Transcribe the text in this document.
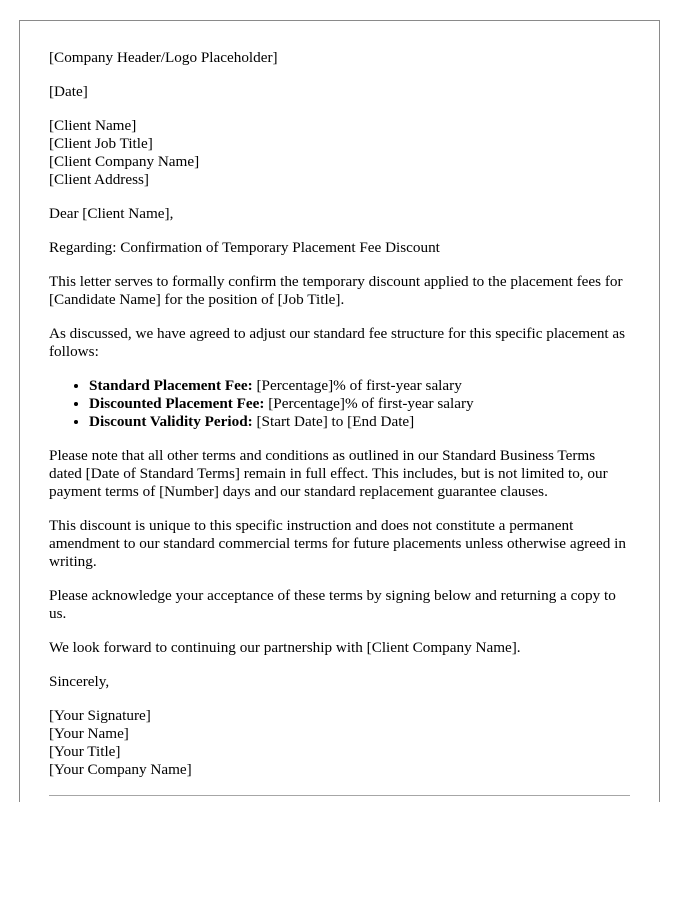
[Company Header/Logo Placeholder]

[Date]

[Client Name]
[Client Job Title]
[Client Company Name]
[Client Address]

Dear [Client Name],

Regarding: Confirmation of Temporary Placement Fee Discount

This letter serves to formally confirm the temporary discount applied to the placement fees for [Candidate Name] for the position of [Job Title].

As discussed, we have agreed to adjust our standard fee structure for this specific placement as follows:

• Standard Placement Fee: [Percentage]% of first-year salary
• Discounted Placement Fee: [Percentage]% of first-year salary
• Discount Validity Period: [Start Date] to [End Date]

Please note that all other terms and conditions as outlined in our Standard Business Terms dated [Date of Standard Terms] remain in full effect. This includes, but is not limited to, our payment terms of [Number] days and our standard replacement guarantee clauses.

This discount is unique to this specific instruction and does not constitute a permanent amendment to our standard commercial terms for future placements unless otherwise agreed in writing.

Please acknowledge your acceptance of these terms by signing below and returning a copy to us.

We look forward to continuing our partnership with [Client Company Name].

Sincerely,

[Your Signature]
[Your Name]
[Your Title]
[Your Company Name]
